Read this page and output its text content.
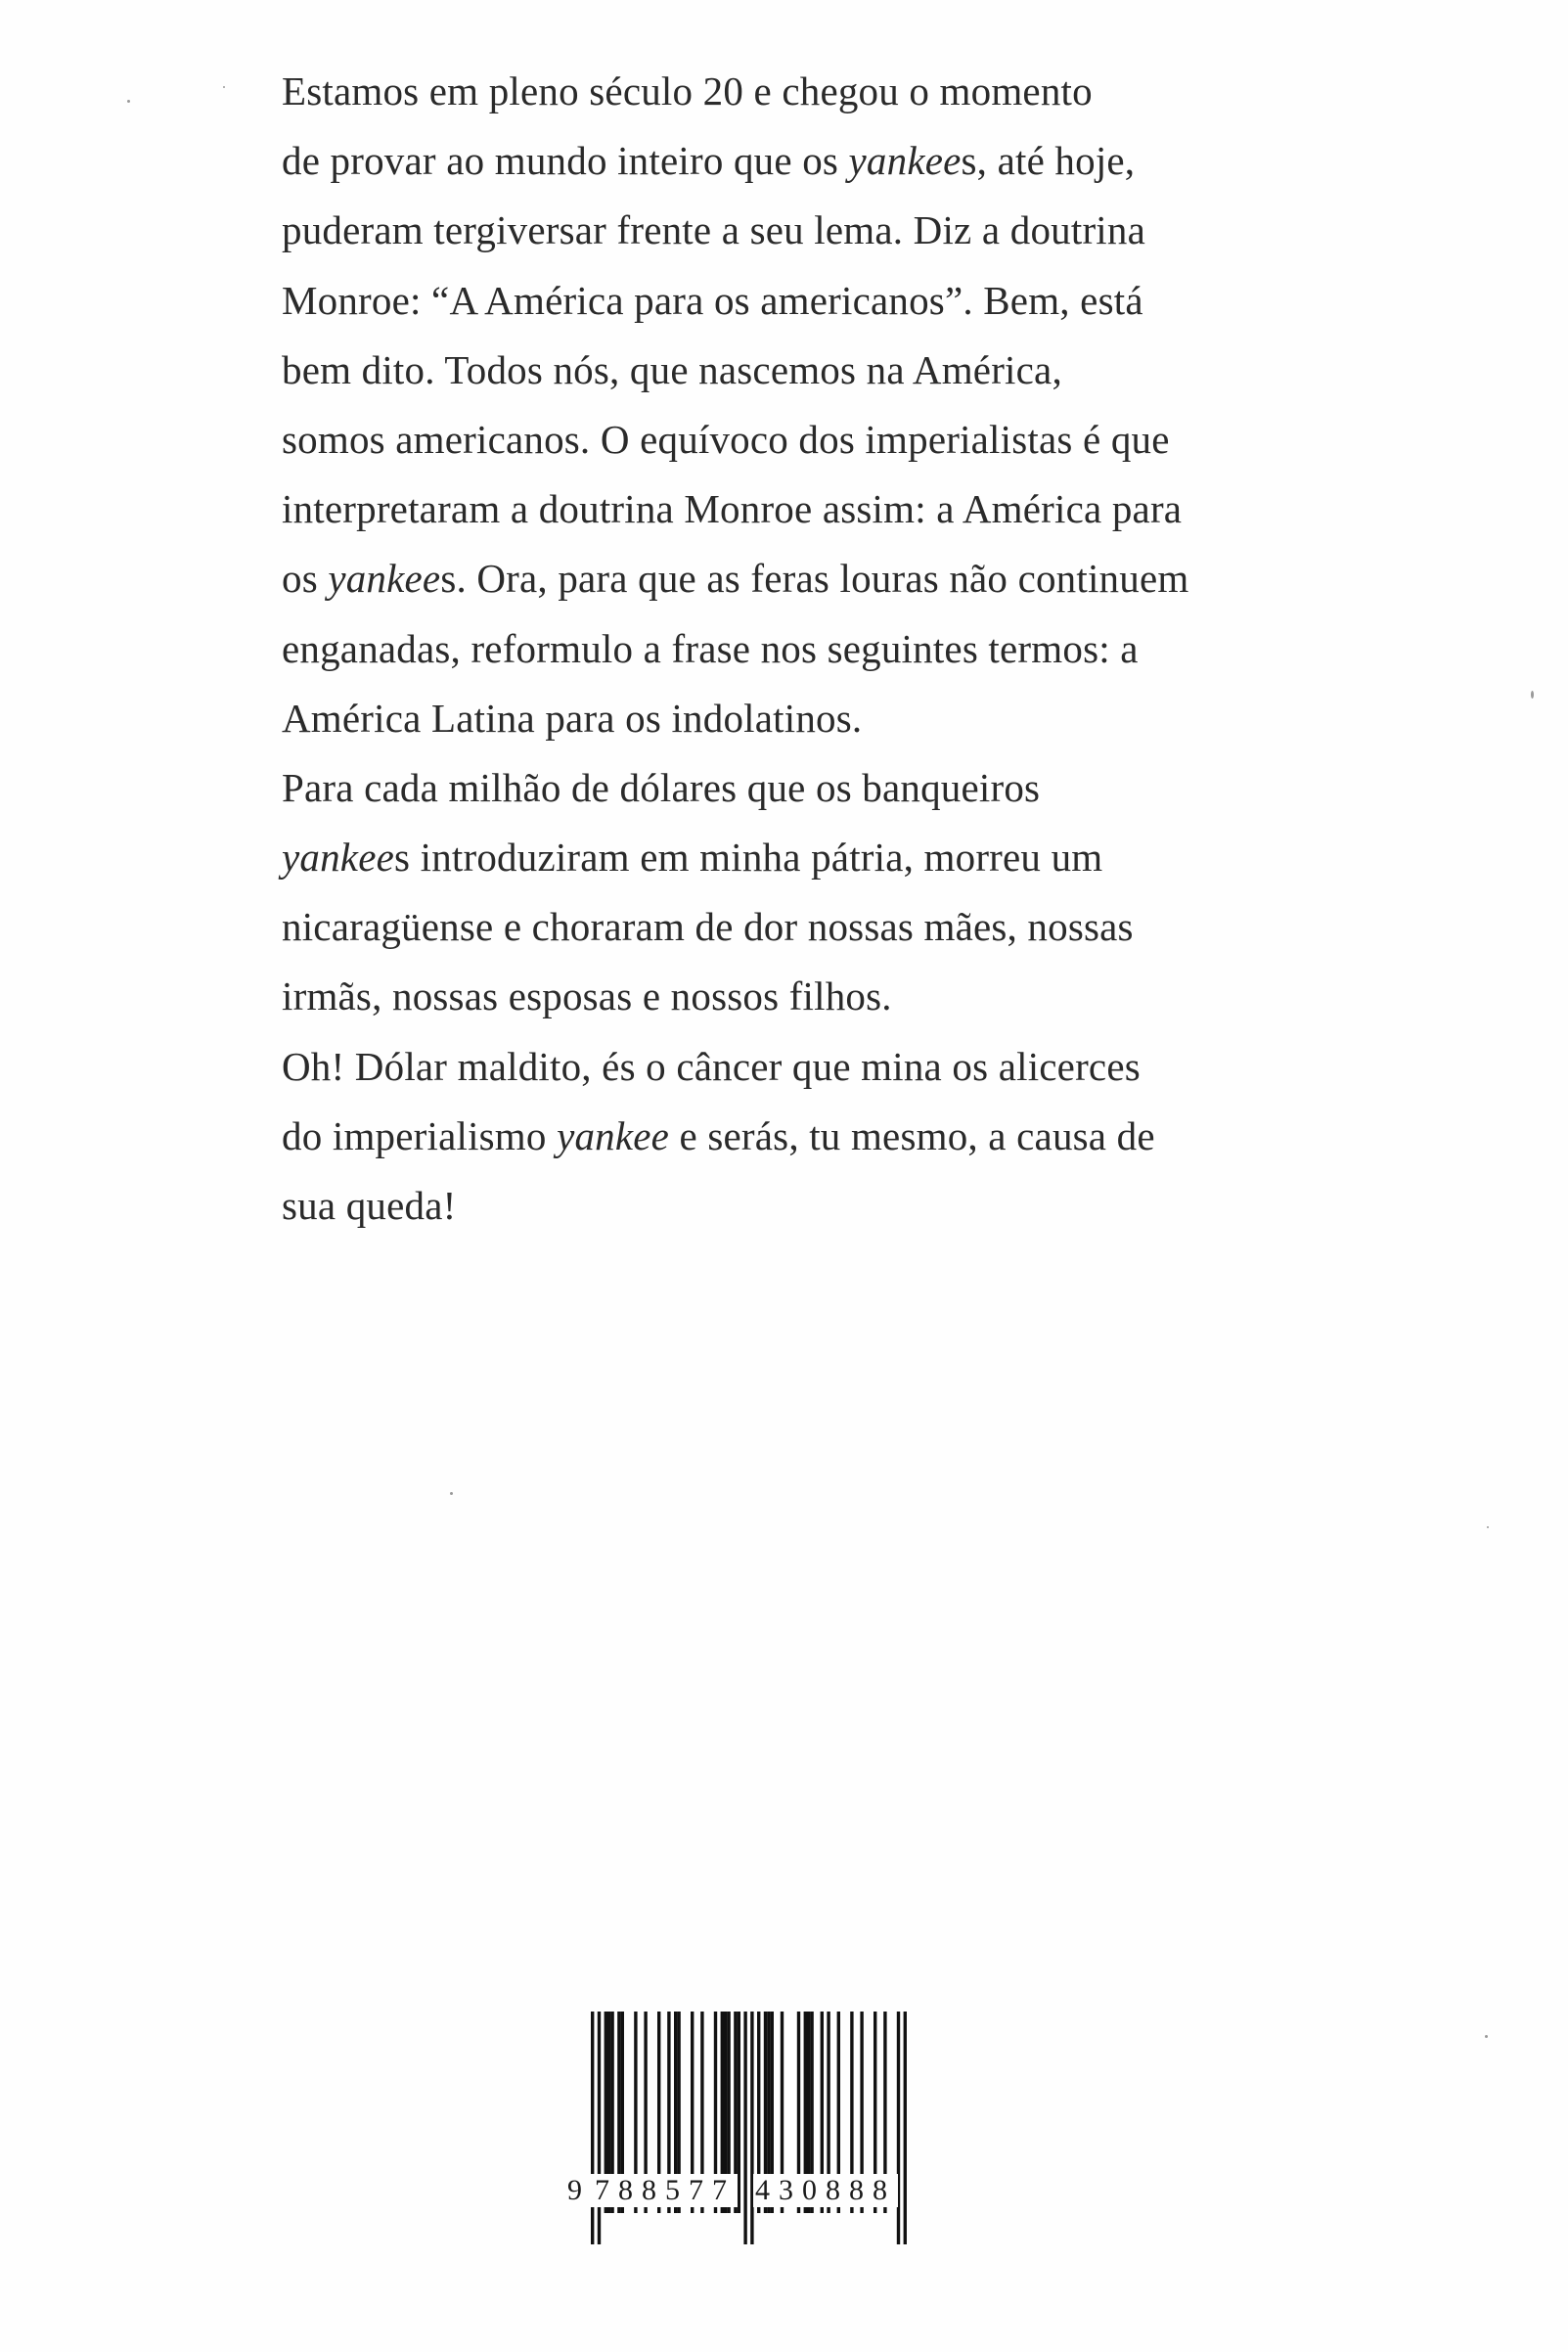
Estamos em pleno século 20 e chegou o momento
de provar ao mundo inteiro que os yankees, até hoje,
puderam tergiversar frente a seu lema. Diz a doutrina
Monroe: “A América para os americanos”. Bem, está
bem dito. Todos nós, que nascemos na América,
somos americanos. O equívoco dos imperialistas é que
interpretaram a doutrina Monroe assim: a América para
os yankees. Ora, para que as feras louras não continuem
enganadas, reformulo a frase nos seguintes termos: a
América Latina para os indolatinos.
Para cada milhão de dólares que os banqueiros
yankees introduziram em minha pátria, morreu um
nicaragüense e choraram de dor nossas mães, nossas
irmãs, nossas esposas e nossos filhos.
Oh! Dólar maldito, és o câncer que mina os alicerces
do imperialismo yankee e serás, tu mesmo, a causa de
sua queda!
9 788577 430888
